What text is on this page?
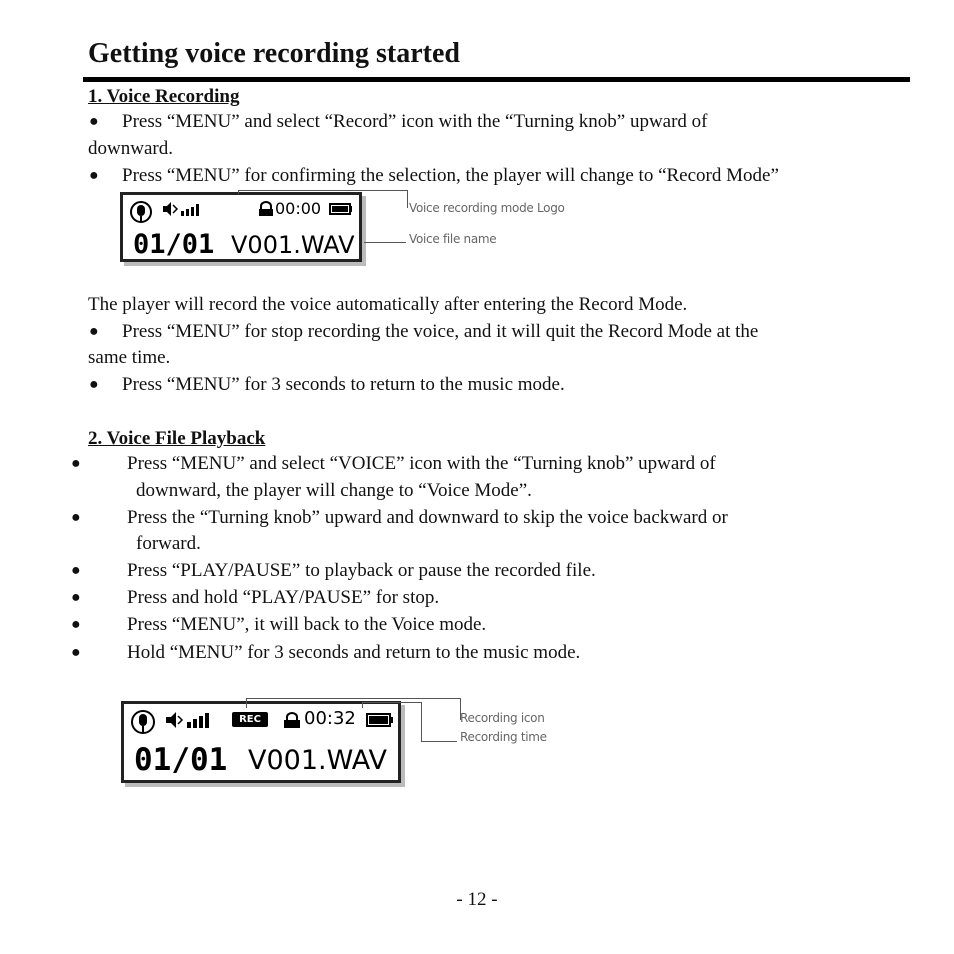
Getting voice recording started
1. Voice Recording
● Press “MENU” and select “Record” icon with the “Turning knob” upward of
downward.
● Press “MENU” for confirming the selection, the player will change to “Record Mode”
00:00
01/01 V001.WAV
Voice recording mode Logo
Voice file name
The player will record the voice automatically after entering the Record Mode.
● Press “MENU” for stop recording the voice, and it will quit the Record Mode at the
same time.
● Press “MENU” for 3 seconds to return to the music mode.
2. Voice File Playback
● Press “MENU” and select “VOICE” icon with the “Turning knob” upward of
downward, the player will change to “Voice Mode”.
● Press the “Turning knob” upward and downward to skip the voice backward or
forward.
● Press “PLAY/PAUSE” to playback or pause the recorded file.
● Press and hold “PLAY/PAUSE” for stop.
● Press “MENU”, it will back to the Voice mode.
● Hold “MENU” for 3 seconds and return to the music mode.
REC	00:32
01/01 V001.WAV
Recording icon
Recording time
- 12 -
